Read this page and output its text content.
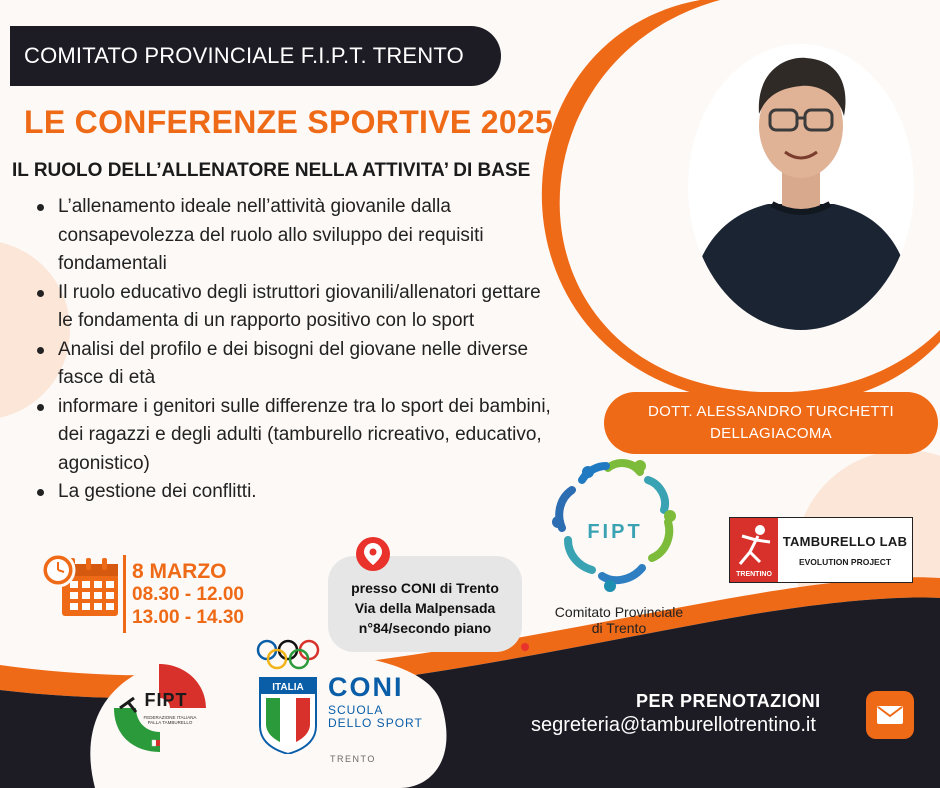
COMITATO PROVINCIALE F.I.P.T. TRENTO
LE CONFERENZE SPORTIVE 2025
IL RUOLO DELL’ALLENATORE NELLA ATTIVITA’ DI BASE
L’allenamento ideale nell’attività giovanile dalla consapevolezza del ruolo allo sviluppo dei requisiti fondamentali
Il ruolo educativo degli istruttori giovanili/allenatori gettare le fondamenta di un rapporto positivo con lo sport
Analisi del profilo e dei bisogni del giovane nelle diverse fasce di età
informare i genitori sulle differenze tra lo sport dei bambini, dei ragazzi e degli adulti (tamburello ricreativo, educativo, agonistico)
La gestione dei conflitti.
DOTT. ALESSANDRO TURCHETTI
DELLAGIACOMA
8 MARZO
08.30 - 12.00
13.00 - 14.30
presso CONI di Trento
Via della Malpensada
n°84/secondo piano
FIPT
Comitato Provinciale
di Trento
TRENTINO
TAMBURELLO LAB
EVOLUTION PROJECT
FIPT
FEDERAZIONE ITALIANA PALLA TAMBURELLO
ITALIA CONI
SCUOLA
DELLO SPORT
TRENTO
PER PRENOTAZIONI
segreteria@tamburellotrentino.it
